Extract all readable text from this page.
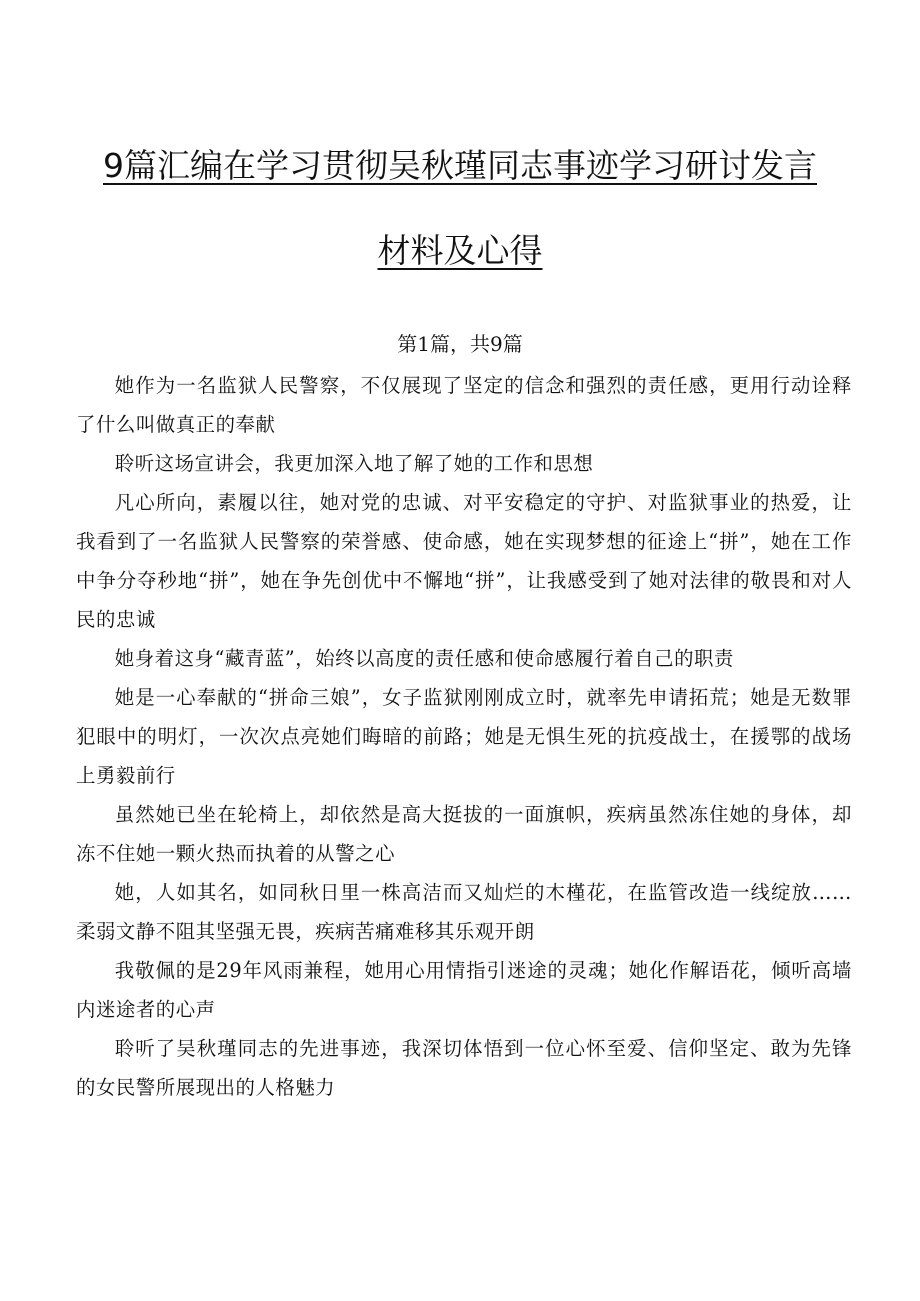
9篇汇编在学习贯彻吴秋瑾同志事迹学习研讨发言
材料及心得
第1篇，共9篇

她作为一名监狱人民警察，不仅展现了坚定的信念和强烈的责任感，更用行动诠释了什么叫做真正的奉献

聆听这场宣讲会，我更加深入地了解了她的工作和思想

凡心所向，素履以往，她对党的忠诚、对平安稳定的守护、对监狱事业的热爱，让我看到了一名监狱人民警察的荣誉感、使命感，她在实现梦想的征途上“拼”，她在工作中争分夺秒地“拼”，她在争先创优中不懈地“拼”，让我感受到了她对法律的敬畏和对人民的忠诚

她身着这身“藏青蓝”，始终以高度的责任感和使命感履行着自己的职责

她是一心奉献的“拼命三娘”，女子监狱刚刚成立时，就率先申请拓荒；她是无数罪犯眼中的明灯，一次次点亮她们晦暗的前路；她是无惧生死的抗疫战士，在援鄂的战场上勇毅前行

虽然她已坐在轮椅上，却依然是高大挺拔的一面旗帜，疾病虽然冻住她的身体，却冻不住她一颗火热而执着的从警之心

她，人如其名，如同秋日里一株高洁而又灿烂的木槿花，在监管改造一线绽放……柔弱文静不阻其坚强无畏，疾病苦痛难移其乐观开朗

我敬佩的是29年风雨兼程，她用心用情指引迷途的灵魂；她化作解语花，倾听高墙内迷途者的心声

聆听了吴秋瑾同志的先进事迹，我深切体悟到一位心怀至爱、信仰坚定、敢为先锋的女民警所展现出的人格魅力
